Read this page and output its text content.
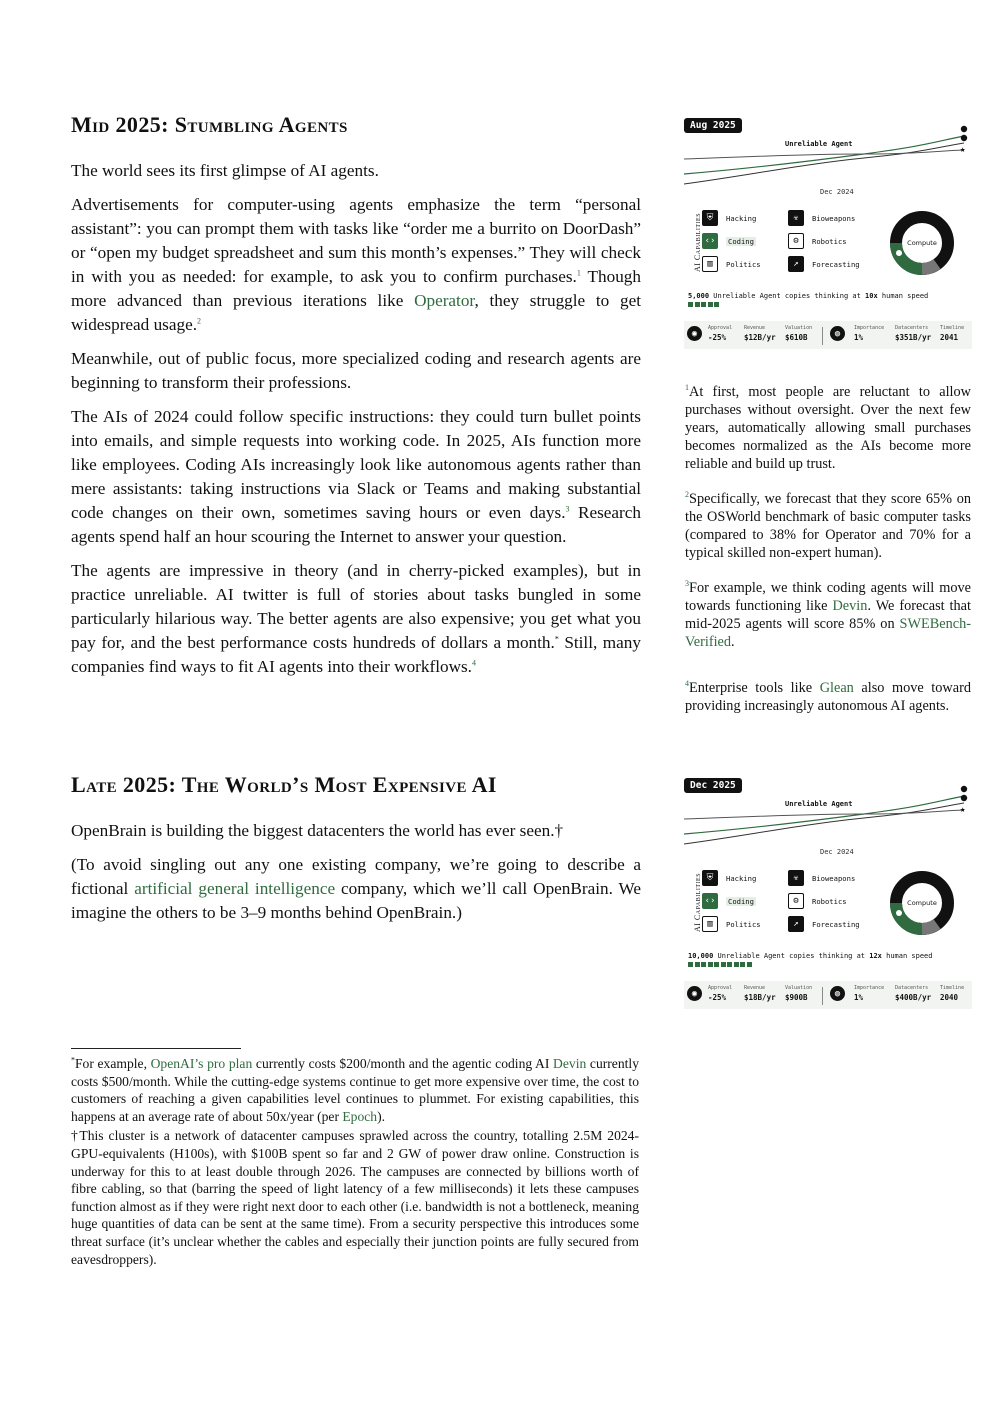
Mid 2025: Stumbling Agents

The world sees its first glimpse of AI agents.

Advertisements for computer-using agents emphasize the term “personal assistant”: you can prompt them with tasks like “order me a burrito on DoorDash” or “open my budget spreadsheet and sum this month’s expenses.” They will check in with you as needed: for example, to ask you to confirm purchases.$^1$ Though more advanced than previous iterations like Operator, they struggle to get widespread usage.$^2$

Meanwhile, out of public focus, more specialized coding and research agents are beginning to transform their professions.

The AIs of 2024 could follow specific instructions: they could turn bullet points into emails, and simple requests into working code. In 2025, AIs function more like employees. Coding AIs increasingly look like autonomous agents rather than mere assistants: taking instructions via Slack or Teams and making substantial code changes on their own, sometimes saving hours or even days.$^3$ Research agents spend half an hour scouring the Internet to answer your question.

The agents are impressive in theory (and in cherry-picked examples), but in practice unreliable. AI twitter is full of stories about tasks bungled in some particularly hilarious way. The better agents are also expensive; you get what you pay for, and the best performance costs hundreds of dollars a month.* Still, many companies find ways to fit AI agents into their workflows.$^4$

$^1$At first, most people are reluctant to allow purchases without oversight. Over the next few years, automatically allowing small purchases becomes normalized as the AIs become more reliable and build up trust.

$^2$Specifically, we forecast that they score 65% on the OSWorld benchmark of basic computer tasks (compared to 38% for Operator and 70% for a typical skilled non-expert human).

$^3$For example, we think coding agents will move towards functioning like Devin. We forecast that mid-2025 agents will score 85% on SWEBench-Verified.

$^4$Enterprise tools like Glean also move toward providing increasingly autonomous AI agents.

Late 2025: The World’s Most Expensive AI

OpenBrain is building the biggest datacenters the world has ever seen.†

(To avoid singling out any one existing company, we’re going to describe a fictional artificial general intelligence company, which we’ll call OpenBrain. We imagine the others to be 3–9 months behind OpenBrain.)

*For example, OpenAI’s pro plan currently costs $200/month and the agentic coding AI Devin currently costs $500/month. While the cutting-edge systems continue to get more expensive over time, the cost to customers of reaching a given capabilities level continues to plummet. For existing capabilities, this happens at an average rate of about 50x/year (per Epoch).

†This cluster is a network of datacenter campuses sprawled across the country, totalling 2.5M 2024-GPU-equivalents (H100s), with $100B spent so far and 2 GW of power draw online. Construction is underway for this to at least double through 2026. The campuses are connected by billions worth of fibre cabling, so that (barring the speed of light latency of a few milliseconds) it lets these campuses function almost as if they were right next door to each other (i.e. bandwidth is not a bottleneck, meaning huge quantities of data can be sent at the same time). From a security perspective this introduces some threat surface (it’s unclear whether the cables and especially their junction points are fully secured from eavesdroppers).

Aug 2025
★
Unreliable Agent
Dec 2024
AI Capabilities ⛨	Hacking	☣	Bioweapons
‹›	Coding	⚙	Robotics
▥	Politics	↗	Forecasting
Compute
5,000 Unreliable Agent copies thinking at 10x human speed
◉
Approval
-25%
Revenue
$12B/yr
Valuation
$610B	◍
Importance
1%
Datacenters
$351B/yr
Timeline
2041
Dec 2025
★
Unreliable Agent
Dec 2024
AI Capabilities ⛨	Hacking	☣	Bioweapons
‹›	Coding	⚙	Robotics
▥	Politics	↗	Forecasting
Compute
10,000 Unreliable Agent copies thinking at 12x human speed
◉
Approval
-25%
Revenue
$18B/yr
Valuation
$900B	◍
Importance
1%
Datacenters
$400B/yr
Timeline
2040
